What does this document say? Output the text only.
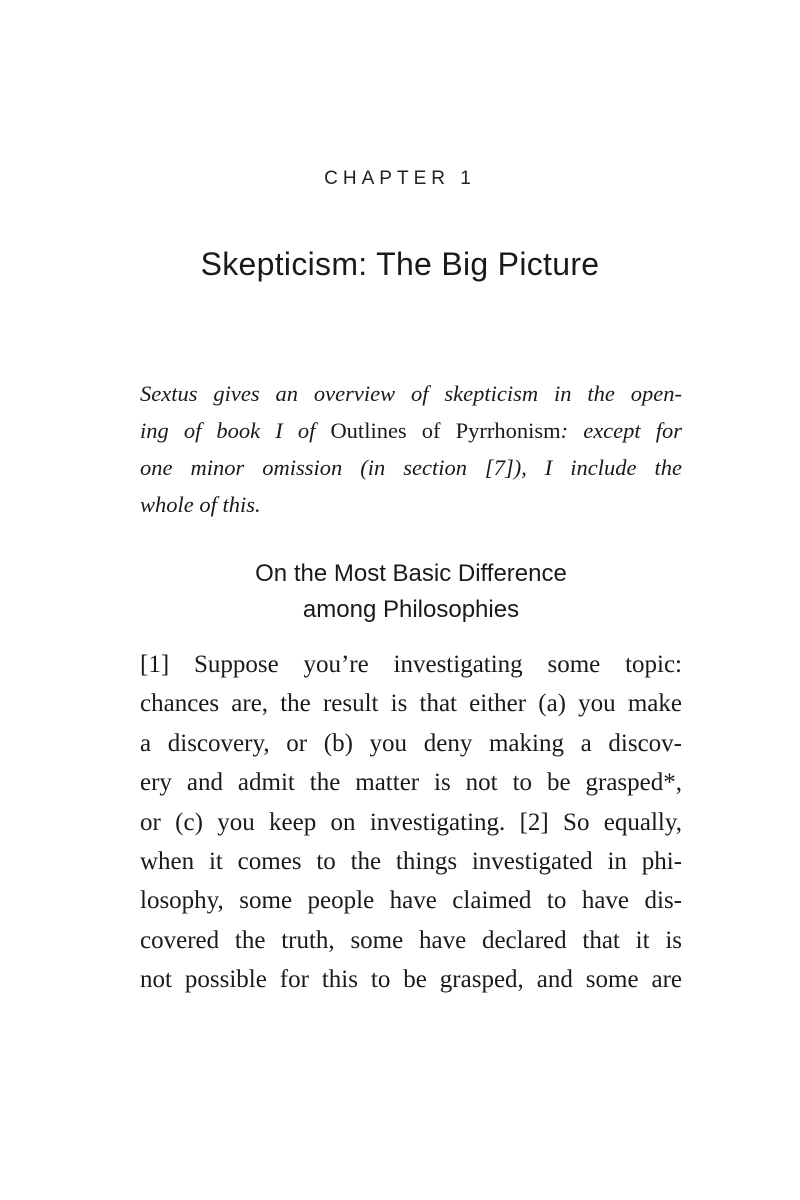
CHAPTER 1
Skepticism: The Big Picture

Sextus gives an overview of skepticism in the open-
ing of book I of Outlines of Pyrrhonism: except for
one minor omission (in section [7]), I include the
whole of this.

On the Most Basic Difference
among Philosophies

[1] Suppose you’re investigating some topic:
chances are, the result is that either (a) you make
a discovery, or (b) you deny making a discov-
ery and admit the matter is not to be grasped*,
or (c) you keep on investigating. [2] So equally,
when it comes to the things investigated in phi-
losophy, some people have claimed to have dis-
covered the truth, some have declared that it is
not possible for this to be grasped, and some are
